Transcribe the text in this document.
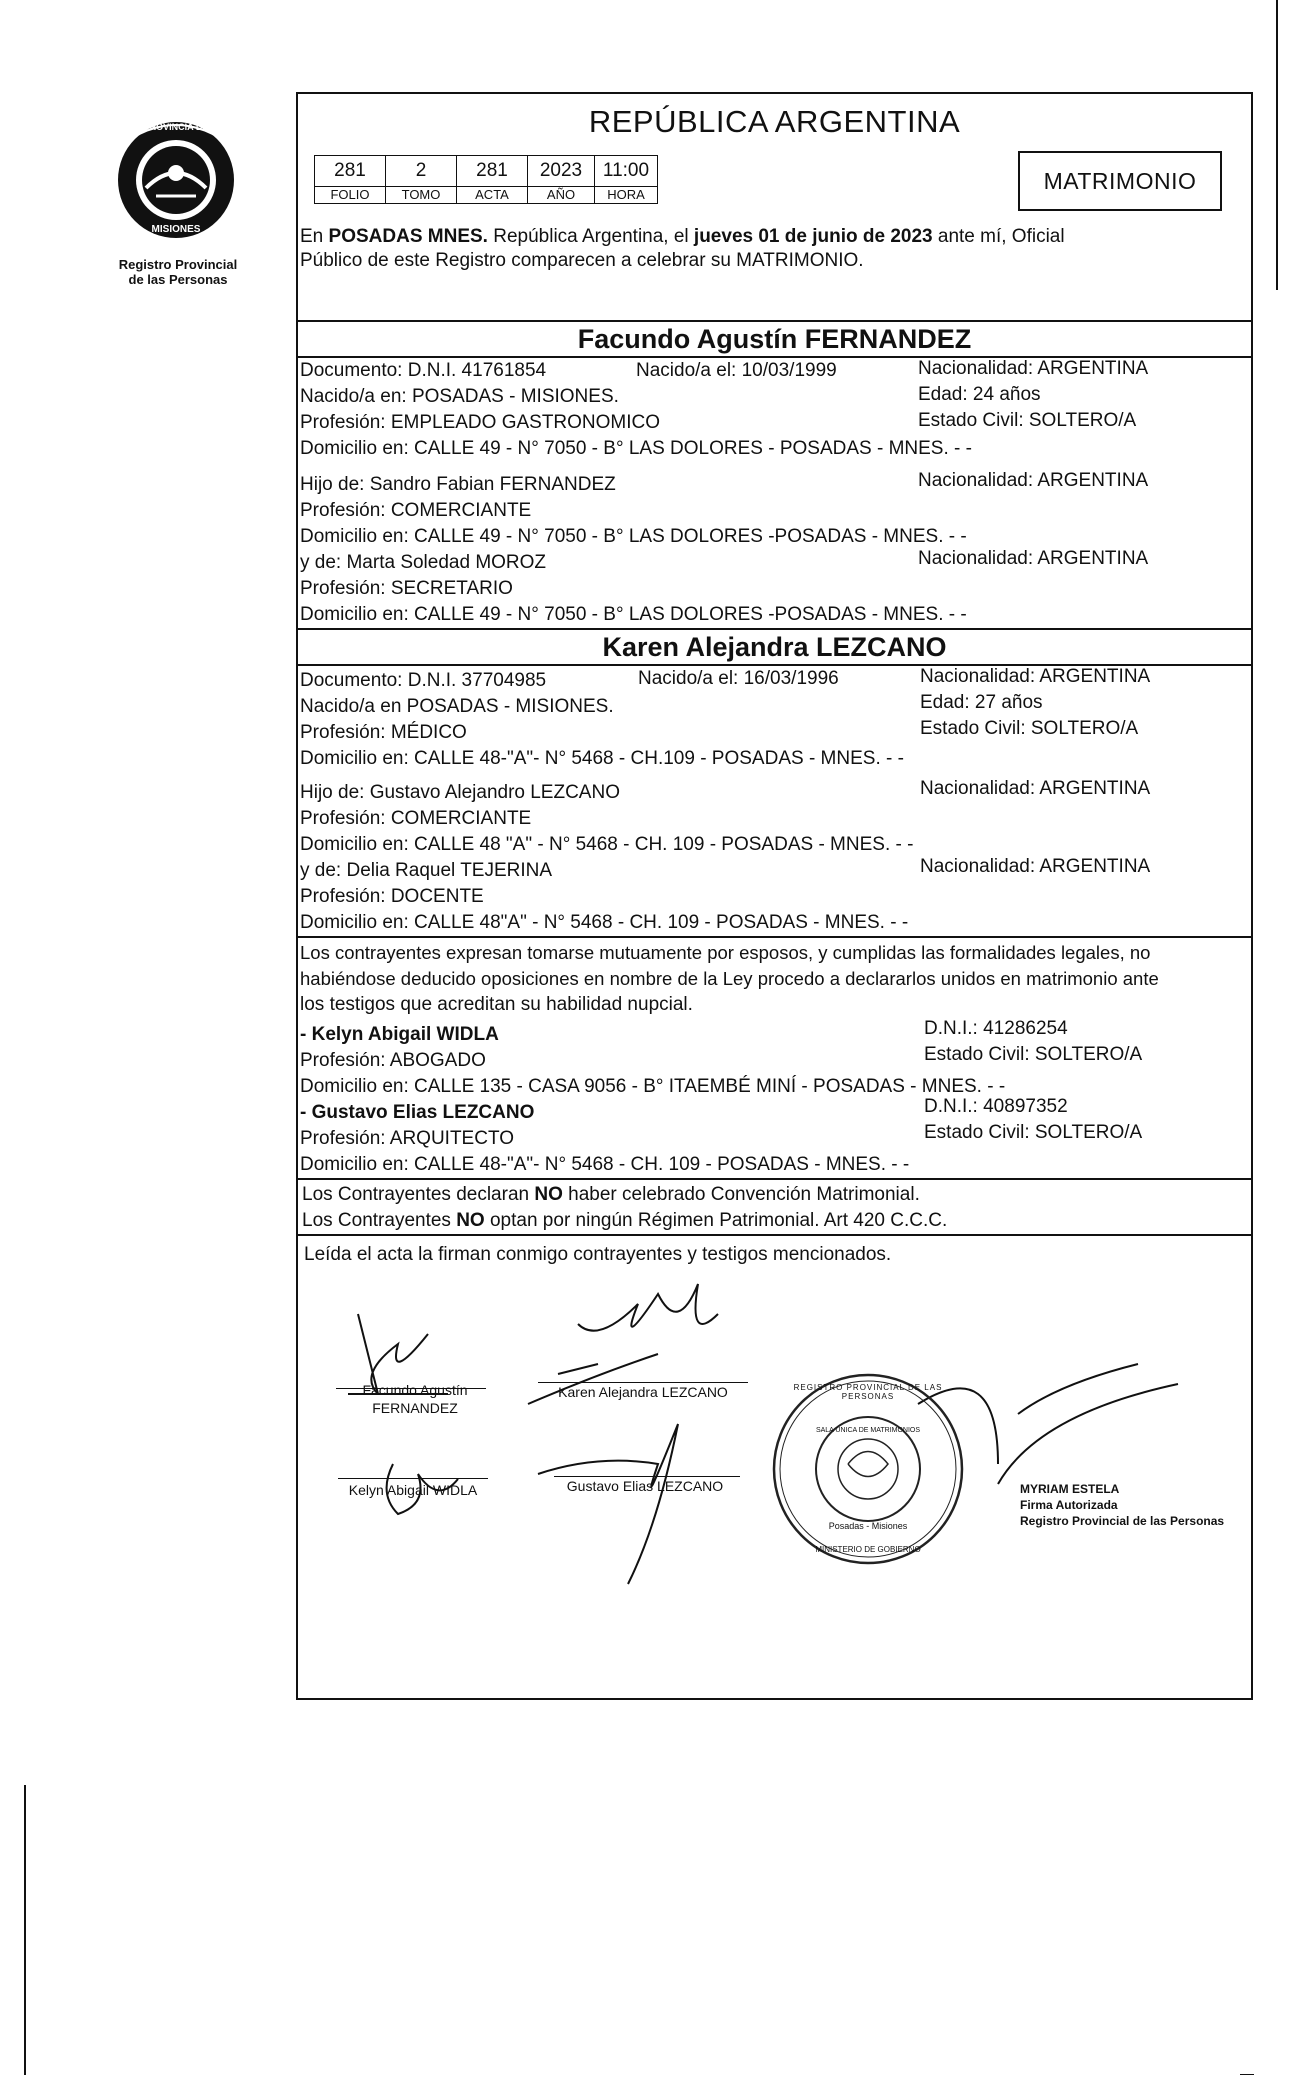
PROVINCIA DE
MISIONES
Registro Provincial
de las Personas
REPÚBLICA ARGENTINA
281	2	281	2023	11:00
FOLIO	TOMO	ACTA	AÑO	HORA
MATRIMONIO
En POSADAS MNES. República Argentina, el jueves 01 de junio de 2023 ante mí, Oficial
Público de este Registro comparecen a celebrar su MATRIMONIO.
Facundo Agustín FERNANDEZ
Documento: D.N.I. 41761854	Nacido/a el: 10/03/1999	Nacionalidad: ARGENTINA
Nacido/a en: POSADAS - MISIONES.	Edad: 24 años
Profesión: EMPLEADO GASTRONOMICO	Estado Civil: SOLTERO/A
Domicilio en: CALLE 49 - N° 7050 - B° LAS DOLORES - POSADAS - MNES. - -
Hijo de: Sandro Fabian FERNANDEZ	Nacionalidad: ARGENTINA
Profesión: COMERCIANTE
Domicilio en: CALLE 49 - N° 7050 - B° LAS DOLORES -POSADAS - MNES. - -
y de: Marta Soledad MOROZ	Nacionalidad: ARGENTINA
Profesión: SECRETARIO
Domicilio en: CALLE 49 - N° 7050 - B° LAS DOLORES -POSADAS - MNES. - -
Karen Alejandra LEZCANO
Documento: D.N.I. 37704985	Nacido/a el: 16/03/1996	Nacionalidad: ARGENTINA
Nacido/a en POSADAS - MISIONES.	Edad: 27 años
Profesión: MÉDICO	Estado Civil: SOLTERO/A
Domicilio en: CALLE 48-"A"- N° 5468 - CH.109 - POSADAS - MNES. - -
Hijo de: Gustavo Alejandro LEZCANO	Nacionalidad: ARGENTINA
Profesión: COMERCIANTE
Domicilio en: CALLE 48 "A" - N° 5468 - CH. 109 - POSADAS - MNES. - -
y de: Delia Raquel TEJERINA	Nacionalidad: ARGENTINA
Profesión: DOCENTE
Domicilio en: CALLE 48"A" - N° 5468 - CH. 109 - POSADAS - MNES. - -
Los contrayentes expresan tomarse mutuamente por esposos, y cumplidas las formalidades legales, no
habiéndose deducido oposiciones en nombre de la Ley procedo a declararlos unidos en matrimonio ante
los testigos que acreditan su habilidad nupcial.
- Kelyn Abigail WIDLA	D.N.I.: 41286254
Profesión: ABOGADO	Estado Civil: SOLTERO/A
Domicilio en: CALLE 135 - CASA 9056 - B° ITAEMBÉ MINÍ - POSADAS - MNES. - -
- Gustavo Elias LEZCANO	D.N.I.: 40897352
Profesión: ARQUITECTO	Estado Civil: SOLTERO/A
Domicilio en: CALLE 48-"A"- N° 5468 - CH. 109 - POSADAS - MNES. - -
Los Contrayentes declaran NO haber celebrado Convención Matrimonial.
Los Contrayentes NO optan por ningún Régimen Patrimonial. Art 420 C.C.C.
Leída el acta la firman conmigo contrayentes y testigos mencionados.
Facundo Agustín
FERNANDEZ
Karen Alejandra LEZCANO
Kelyn Abigail WIDLA	Gustavo Elias LEZCANO
REGISTRO PROVINCIAL DE LAS PERSONAS
SALA ÚNICA DE MATRIMONIOS
Posadas - Misiones
MINISTERIO DE GOBIERNO
MYRIAM ESTELA
Firma Autorizada
Registro Provincial de las Personas
